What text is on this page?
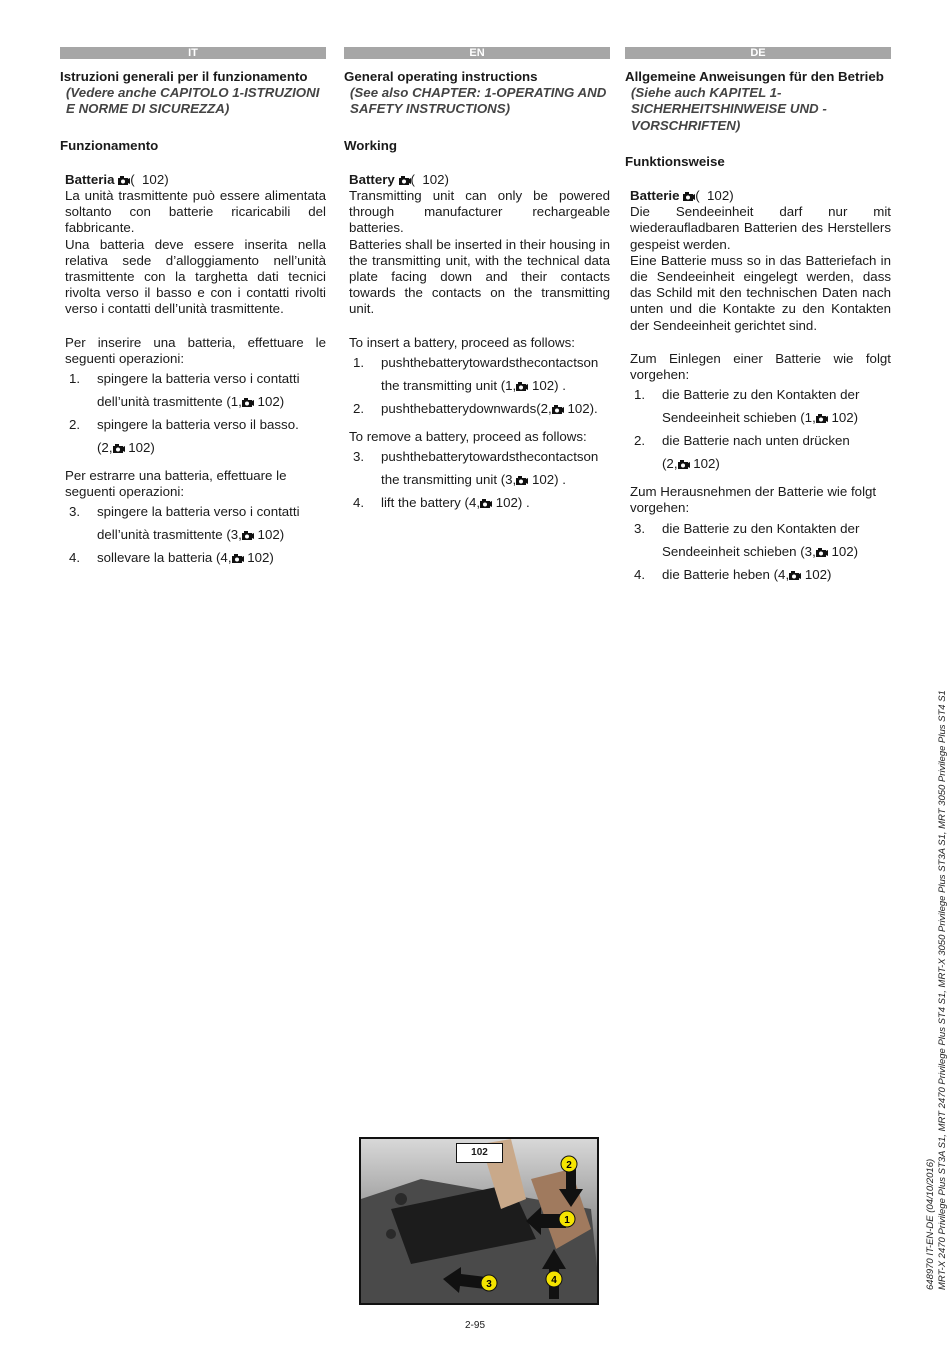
IT

Istruzioni generali per il funzionamento

(Vedere anche CAPITOLO 1-ISTRUZIONI E NORME DI SICUREZZA)

Funzionamento
Batteria (  102)

La unità trasmittente può essere alimentata soltanto con batterie ricaricabili del fabbricante.

Una batteria deve essere inserita nella relativa sede d’alloggiamento nell’unità trasmittente con la targhetta dati tecnici rivolta verso il basso e con i contatti rivolti verso i contatti dell’unità trasmittente.

Per inserire una batteria, effettuare le seguenti operazioni:

1. spingere la batteria verso i contatti
dell’unità trasmittente (1, 102)
2. spingere la batteria verso il basso.
(2, 102)

Per estrarre una batteria, effettuare le seguenti operazioni:

3. spingere la batteria verso i contatti
dell’unità trasmittente (3, 102)
4. sollevare la batteria (4, 102)
EN

General operating instructions

(See also CHAPTER: 1-OPERATING AND SAFETY INSTRUCTIONS)

Working
Battery (  102)

Transmitting unit can only be powered through manufacturer rechargeable batteries.

Batteries shall be inserted in their housing in the transmitting unit, with the technical data plate facing down and their contacts towards the contacts on the transmitting unit.

To insert a battery, proceed as follows:

1. pushthebatterytowardsthecontactson
the transmitting unit (1, 102) .
2. pushthebatterydownwards(2, 102).

To remove a battery, proceed as follows:

3. pushthebatterytowardsthecontactson
the transmitting unit (3, 102) .
4. lift the battery (4, 102) .
DE

Allgemeine Anweisungen für den Betrieb

(Siehe auch KAPITEL 1-SICHERHEITSHINWEISE UND -VORSCHRIFTEN)

Funktionsweise
Batterie (  102)

Die Sendeeinheit darf nur mit wiederaufladbaren Batterien des Herstellers gespeist werden.

Eine Batterie muss so in das Batteriefach in die Sendeeinheit eingelegt werden, dass das Schild mit den technischen Daten nach unten und die Kontakte zu den Kontakten der Sendeeinheit gerichtet sind.

Zum Einlegen einer Batterie wie folgt vorgehen:

1. die Batterie zu den Kontakten der
Sendeeinheit schieben (1, 102)
2. die Batterie nach unten drücken
(2, 102)

Zum Herausnehmen der Batterie wie folgt vorgehen:

3. die Batterie zu den Kontakten der
Sendeeinheit schieben (3, 102)
4. die Batterie heben (4, 102)
2
1
4
3
102
2-95
648970 IT-EN-DE (04/10/2016) MRT-X 2470 Privilege Plus ST3A S1, MRT 2470 Privilege Plus ST4 S1, MRT-X 3050 Privilege Plus ST3A S1, MRT 3050 Privilege Plus ST4 S1
